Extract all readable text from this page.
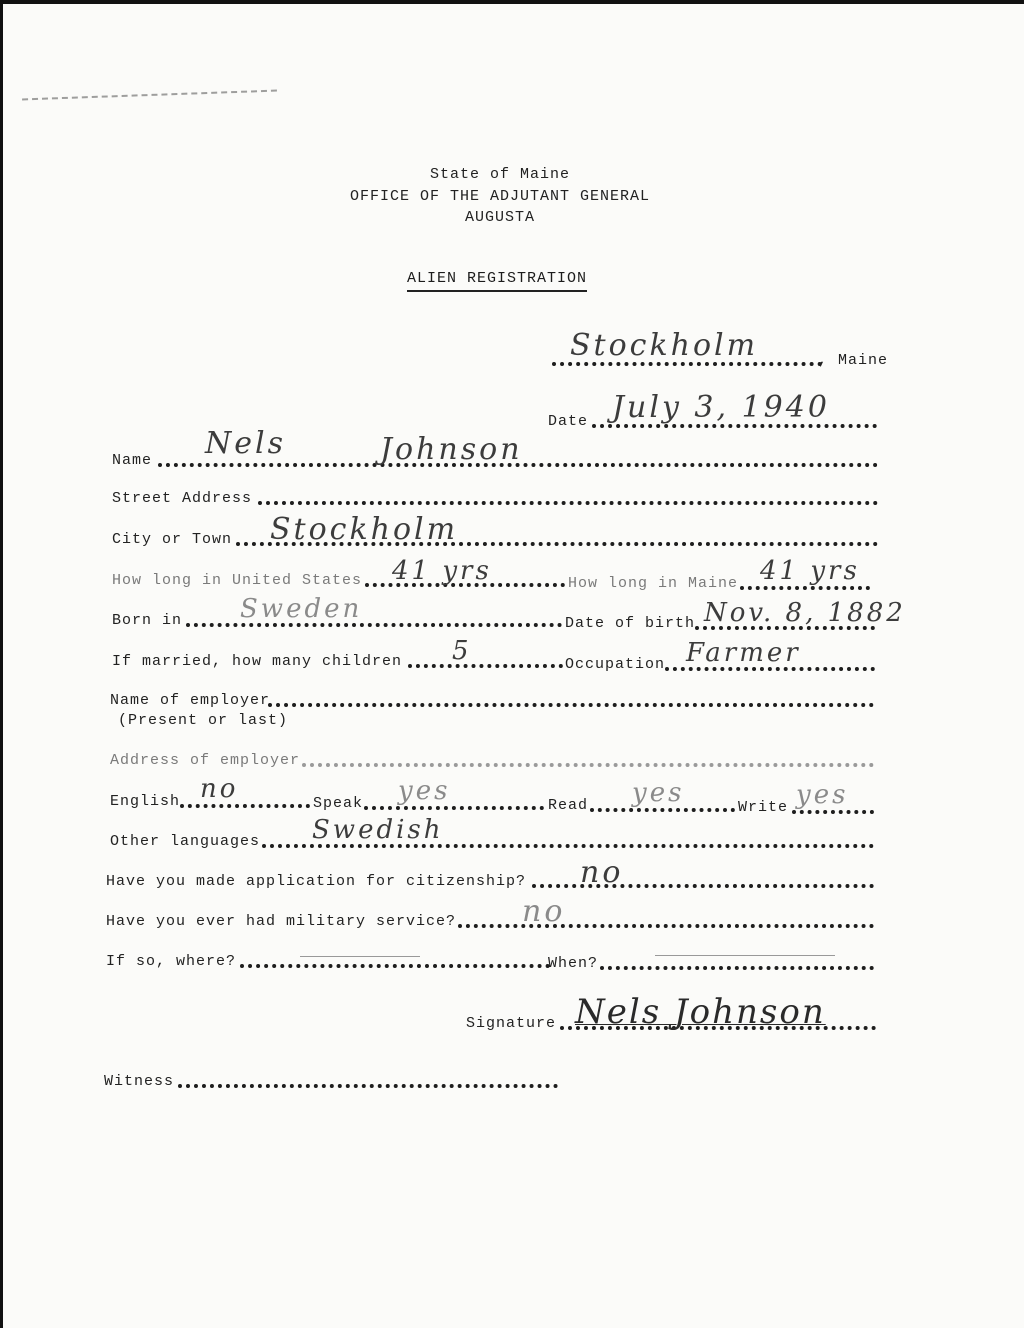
State of Maine
OFFICE OF THE ADJUTANT GENERAL
AUGUSTA
ALIEN REGISTRATION
Stockholm	, Maine
Date July 3, 1940
Name Nels	Johnson
Street Address
City or Town Stockholm
How long in United States 41 yrs	How long in Maine 41 yrs
Born in Sweden	Date of birth Nov. 8, 1882
If married, how many children 5	Occupation Farmer
Name of employer
(Present or last)
Address of employer
English no	Speak yes	Read yes	Write yes
Other languages Swedish
Have you made application for citizenship? no
Have you ever had military service? no
If so, where?	When?
Signature Nels Johnson
Witness
